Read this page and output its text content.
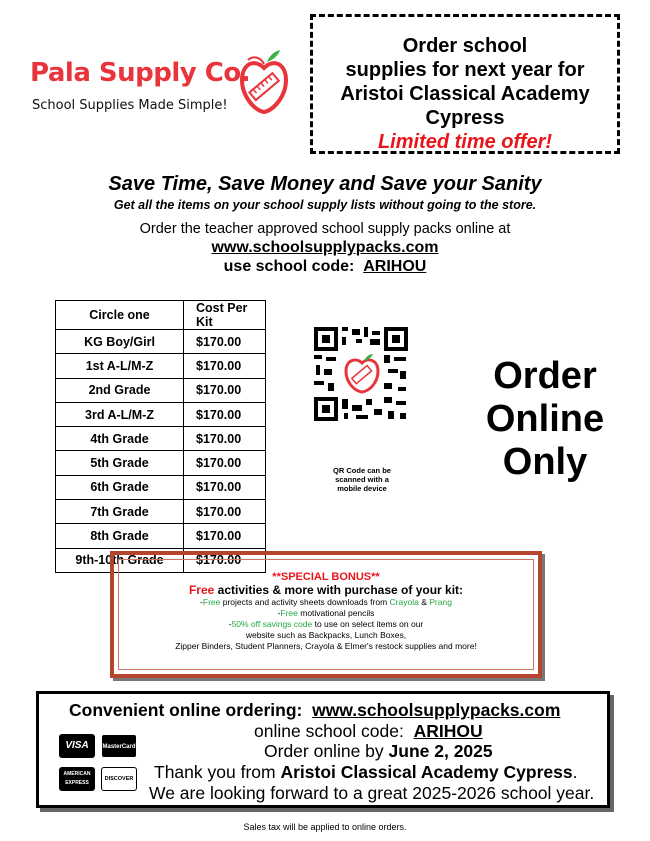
Pala Supply Co.
School Supplies Made Simple!
Order school
supplies for next year for
Aristoi Classical Academy
Cypress
Limited time offer!
Save Time, Save Money and Save your Sanity
Get all the items on your school supply lists without going to the store.
Order the teacher approved school supply packs online at
www.schoolsupplypacks.com
use school code: ARIHOU
Circle one	Cost Per Kit
KG Boy/Girl	$170.00
1st A-L/M-Z	$170.00
2nd Grade	$170.00
3rd A-L/M-Z	$170.00
4th Grade	$170.00
5th Grade	$170.00
6th Grade	$170.00
7th Grade	$170.00
8th Grade	$170.00
9th-10th Grade	$170.00
QR Code can be scanned with a mobile device
Order
Online
Only
**SPECIAL BONUS**
Free activities & more with purchase of your kit:
-Free projects and activity sheets downloads from Crayola & Prang
-Free motivational pencils
-50% off savings code to use on select items on our
website such as Backpacks, Lunch Boxes,
Zipper Binders, Student Planners, Crayola & Elmer's restock supplies and more!
Convenient online ordering: www.schoolsupplypacks.com
online school code: ARIHOU
Order online by June 2, 2025
Thank you from Aristoi Classical Academy Cypress.
We are looking forward to a great 2025-2026 school year.
VISA	MasterCard
AMERICAN EXPRESS
DISCOVER
Sales tax will be applied to online orders.
